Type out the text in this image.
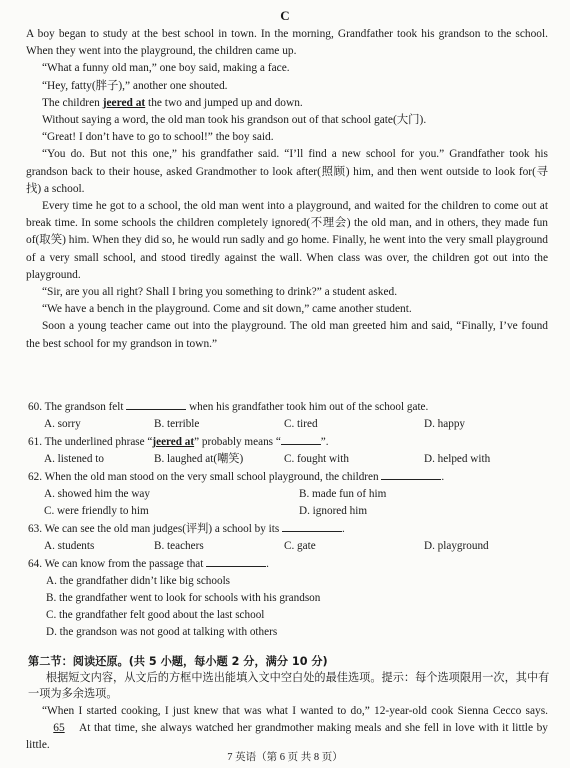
C

A boy began to study at the best school in town. In the morning, Grandfather took his grandson to the school. When they went into the playground, the children came up.

“What a funny old man,” one boy said, making a face.

“Hey, fatty(胖子),” another one shouted.

The children jeered at the two and jumped up and down.

Without saying a word, the old man took his grandson out of that school gate(大门).

“Great! I don’t have to go to school!” the boy said.

“You do. But not this one,” his grandfather said. “I’ll find a new school for you.” Grandfather took his grandson back to their house, asked Grandmother to look after(照顾) him, and then went outside to look for(寻找) a school.

Every time he got to a school, the old man went into a playground, and waited for the children to come out at break time. In some schools the children completely ignored(不理会) the old man, and in others, they made fun of(取笑) him. When they did so, he would run sadly and go home. Finally, he went into the very small playground of a very small school, and stood tiredly against the wall. When class was over, the children got out into the playground.

“Sir, are you all right? Shall I bring you something to drink?” a student asked.

“We have a bench in the playground. Come and sit down,” came another student.

Soon a young teacher came out into the playground. The old man greeted him and said, “Finally, I’ve found the best school for my grandson in town.”

60. The grandson felt	when his grandfather took him out of the school gate.

A. sorry	B. terrible	C. tired	D. happy

61. The underlined phrase “jeered at” probably means “	”.

A. listened to	B. laughed at(嘲笑)	C. fought with	D. helped with

62. When the old man stood on the very small school playground, the children	.

A. showed him the way	B. made fun of him
C. were friendly to him	D. ignored him

63. We can see the old man judges(评判) a school by its	.

A. students	B. teachers	C. gate	D. playground

64. We can know from the passage that	.

A. the grandfather didn’t like big schools
B. the grandfather went to look for schools with his grandson
C. the grandfather felt good about the last school
D. the grandson was not good at talking with others

第二节：阅读还原。(共 5 小题，每小题 2 分，满分 10 分)

根据短文内容，从文后的方框中选出能填入文中空白处的最佳选项。提示：每个选项限用一次，其中有一项为多余选项。

“When I started cooking, I just knew that was what I wanted to do,” 12-year-old cook Sienna Cecco says. 65 At that time, she always watched her grandmother making meals and she fell in love with it little by little.

7 英语（第 6 页 共 8 页）
